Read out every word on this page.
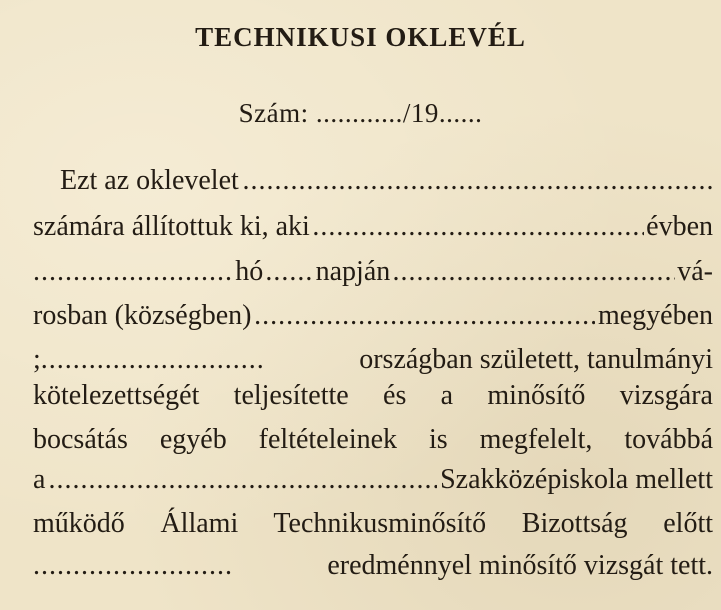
TECHNIKUSI OKLEVÉL
Szám: ............/19......
Ezt az oklevelet
.....
számára állítottuk ki, aki .....	évben
.....
hó ...... napján .....	vá-
rosban (községben) .....	megyében
; .....	országban született, tanulmányi
kötelezettségét teljesítette és a minősítő vizsgára
bocsátás egyéb feltételeinek is megfelelt, továbbá
a .....	Szakközépiskola mellett
működő Állami Technikusminősítő Bizottság előtt
.....
eredménnyel minősítő vizsgát tett.
